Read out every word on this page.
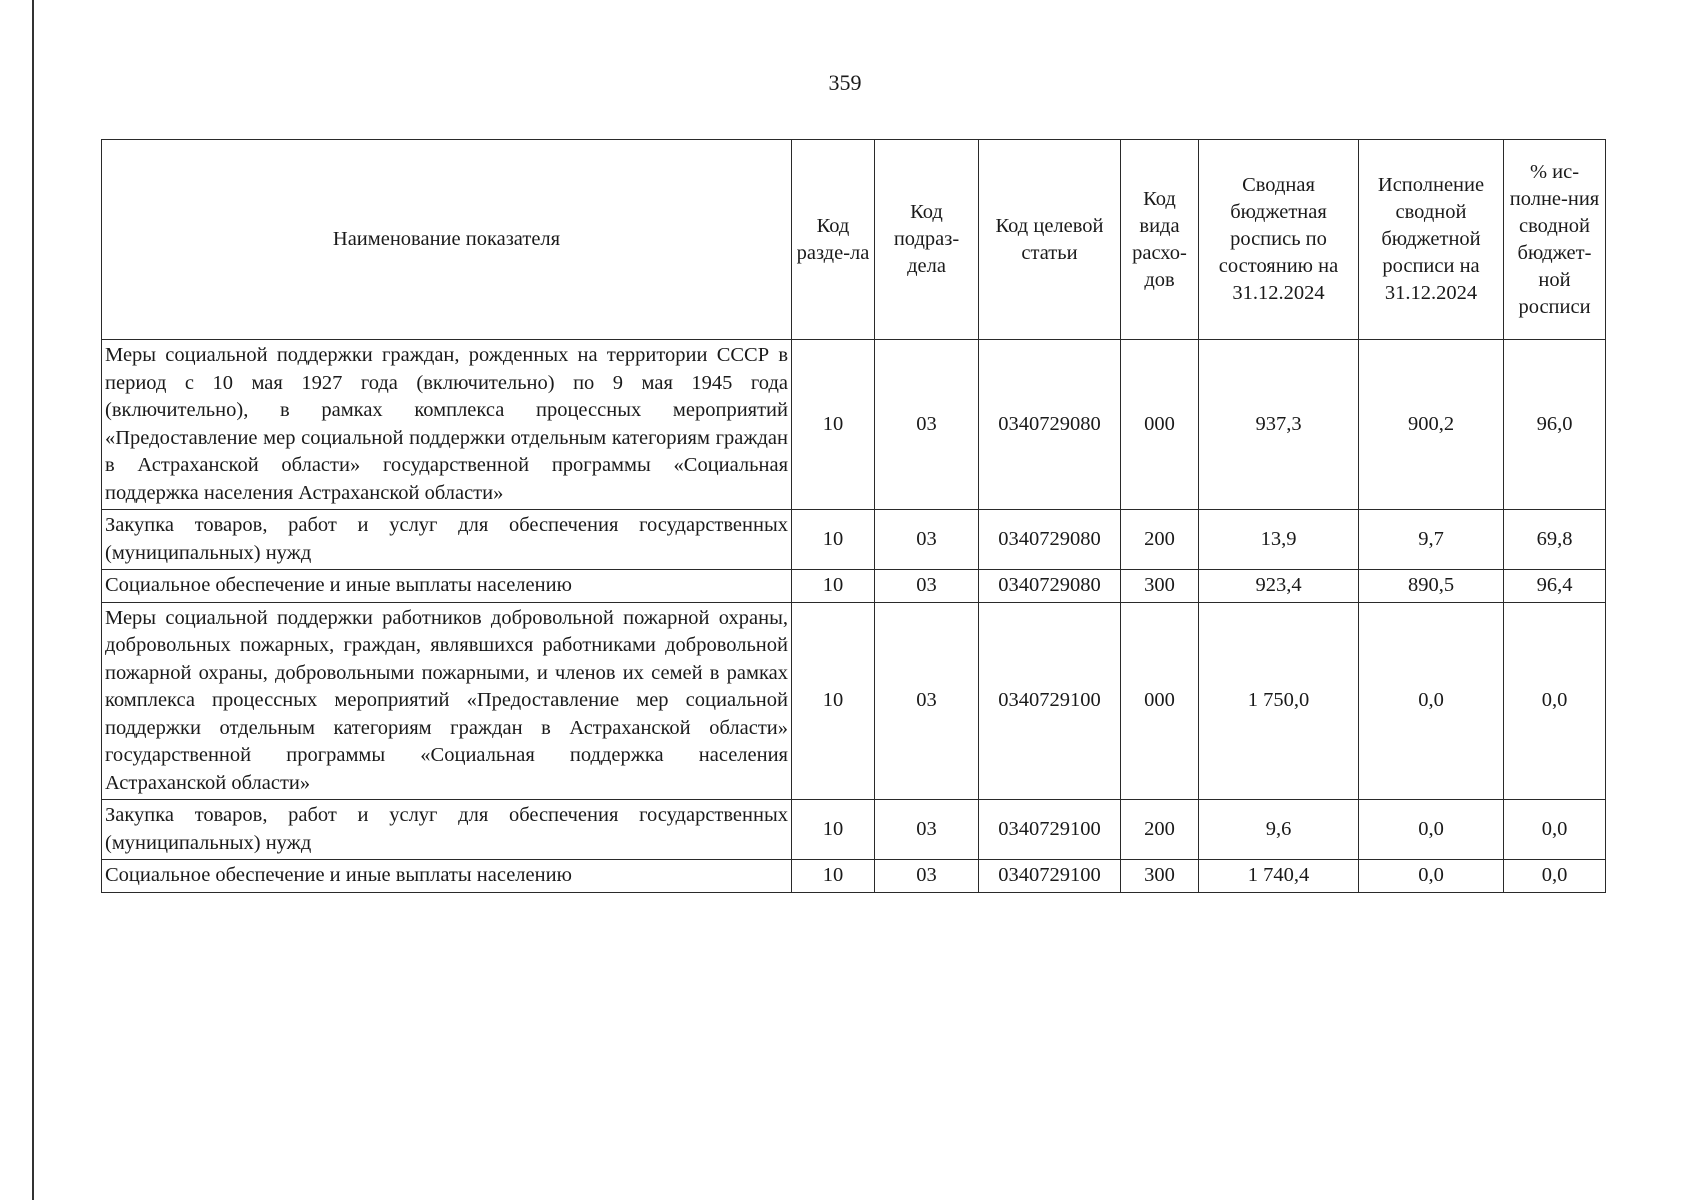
359
Наименование показателя	Код разде-ла	Код подраз-дела	Код целевой статьи	Код вида расхо-дов	Сводная бюджетная роспись по состоянию на 31.12.2024	Исполнение сводной бюджетной росписи на 31.12.2024	% ис-полне-ния сводной бюджет-ной росписи
Меры социальной поддержки граждан, рожденных на территории СССР в период с 10 мая 1927 года (включительно) по 9 мая 1945 года (включительно), в рамках комплекса процессных мероприятий «Предоставление мер социальной поддержки отдельным категориям граждан в Астраханской области» государственной программы «Социальная поддержка населения Астраханской области»	10	03	0340729080	000	937,3	900,2	96,0
Закупка товаров, работ и услуг для обеспечения государственных (муниципальных) нужд	10	03	0340729080	200	13,9	9,7	69,8
Социальное обеспечение и иные выплаты населению	10	03	0340729080	300	923,4	890,5	96,4
Меры социальной поддержки работников добровольной пожарной охраны, добровольных пожарных, граждан, являвшихся работниками добровольной пожарной охраны, добровольными пожарными, и членов их семей в рамках комплекса процессных мероприятий «Предоставление мер социальной поддержки отдельным категориям граждан в Астраханской области» государственной программы «Социальная поддержка населения Астраханской области»	10	03	0340729100	000	1 750,0	0,0	0,0
Закупка товаров, работ и услуг для обеспечения государственных (муниципальных) нужд	10	03	0340729100	200	9,6	0,0	0,0
Социальное обеспечение и иные выплаты населению	10	03	0340729100	300	1 740,4	0,0	0,0
